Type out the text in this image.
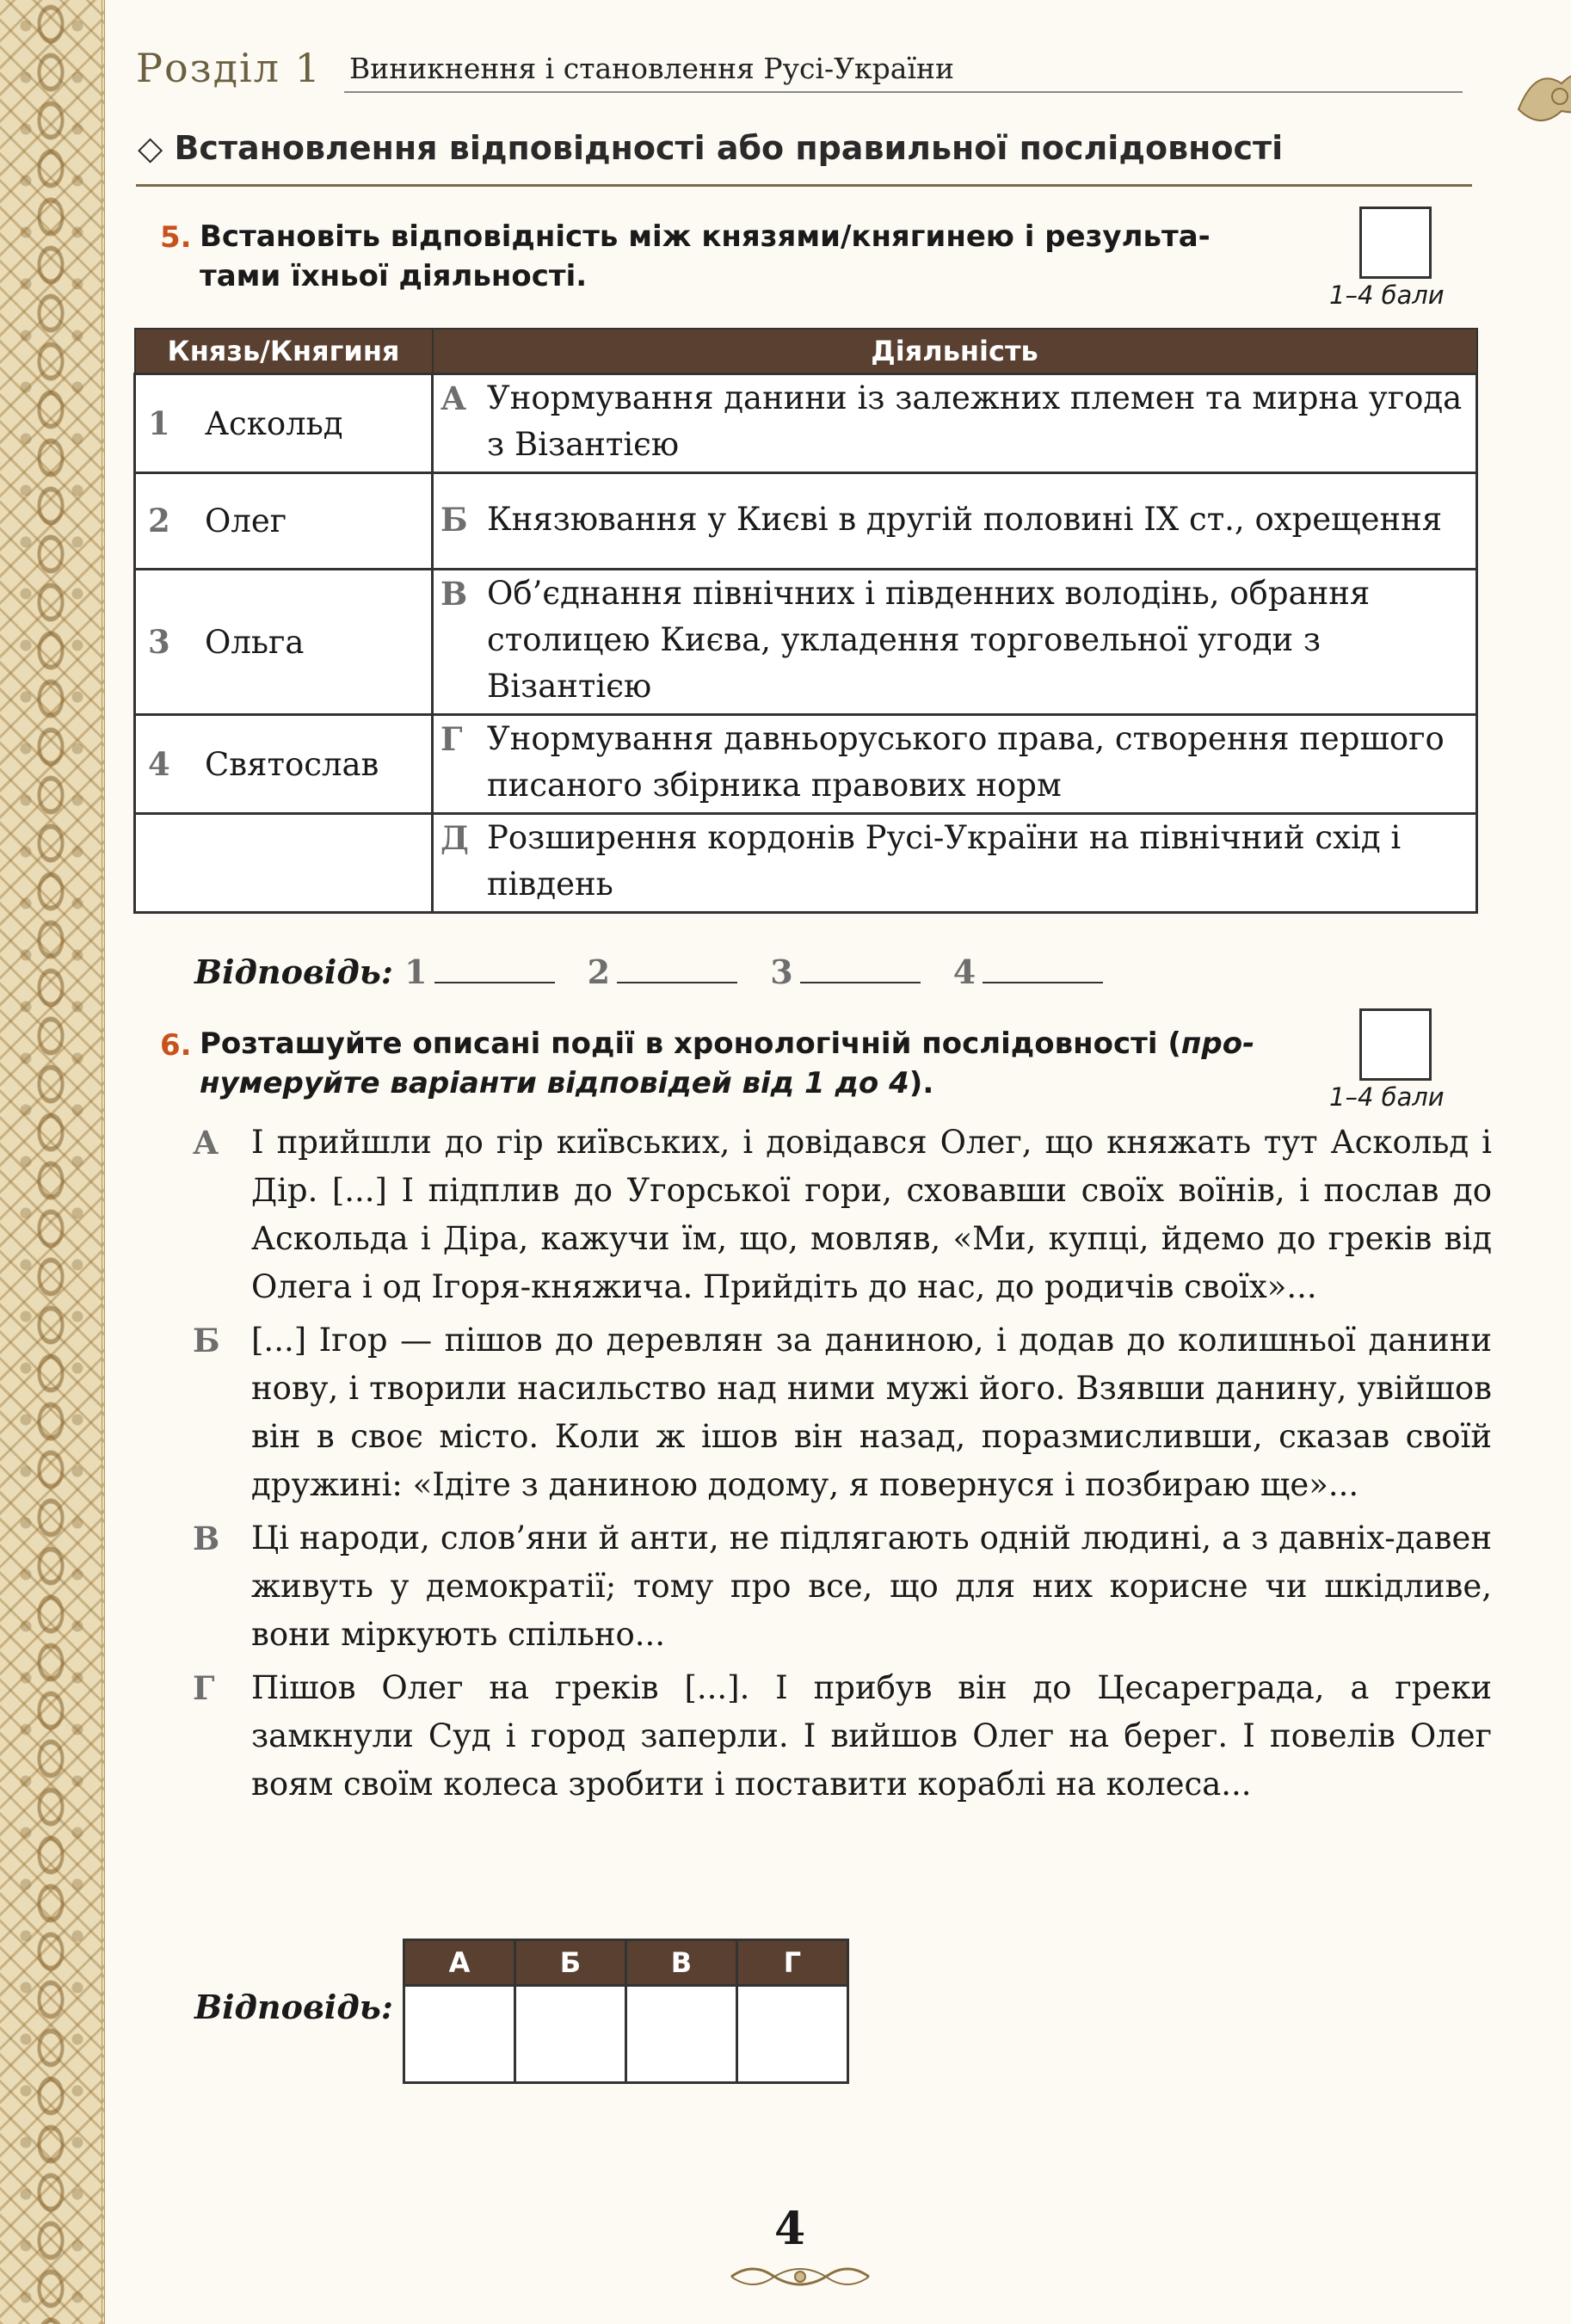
Розділ 1 Виникнення і становлення Русі-України
◇ Встановлення відповідності або правильної послідовності
5. Встановіть відповідність між князями/княгинею і результа-
тами їхньої діяльності.
1–4 бали
Князь/Княгиня	Діяльність
1 Аскольд	А Унормування данини із залежних племен та мирна угода з Візантією

2 Олег	Б Князювання у Києві в другій половині IX ст., охрещення

3 Ольга	В Об’єднання північних і південних володінь, обрання столицею Києва, укладення торговельної угоди з Візантією

4 Святослав	Г Унормування давньоруського права, створення першого писаного збірника правових норм

	Д Розширення кордонів Русі-України на північний схід і південь
Відповідь: 1	2	3	4
6. Розташуйте описані події в хронологічній послідовності (про-
нумеруйте варіанти відповідей від 1 до 4).	1–4 бали
А	І прийшли до гір київських, і довідався Олег, що княжать тут Аскольд і Дір. [...] І підплив до Угорської гори, сховавши своїх воїнів, і послав до Аскольда і Діра, кажучи їм, що, мовляв, «Ми, купці, йдемо до греків від Олега і од Ігоря-княжича. Прийдіть до нас, до родичів своїх»...
Б [...] Ігор — пішов до деревлян за даниною, і додав до колишньої данини нову, і творили насильство над ними мужі його. Взявши данину, увійшов він в своє місто. Коли ж ішов він назад, поразмисливши, сказав своїй дружині: «Ідіте з даниною додому, я повернуся і позбираю ще»...
В Ці народи, слов’яни й анти, не підлягають одній людині, а з давніх-давен живуть у демократії; тому про все, що для них корисне чи шкідливе, вони міркують спільно...
Г	Пішов Олег на греків [...]. І прибув він до Цесареграда, а греки замкнули Суд і город заперли. І вийшов Олег на берег. І повелів Олег воям своїм колеса зробити і поставити кораблі на колеса...
Відповідь:
А	Б	В	Г

4
